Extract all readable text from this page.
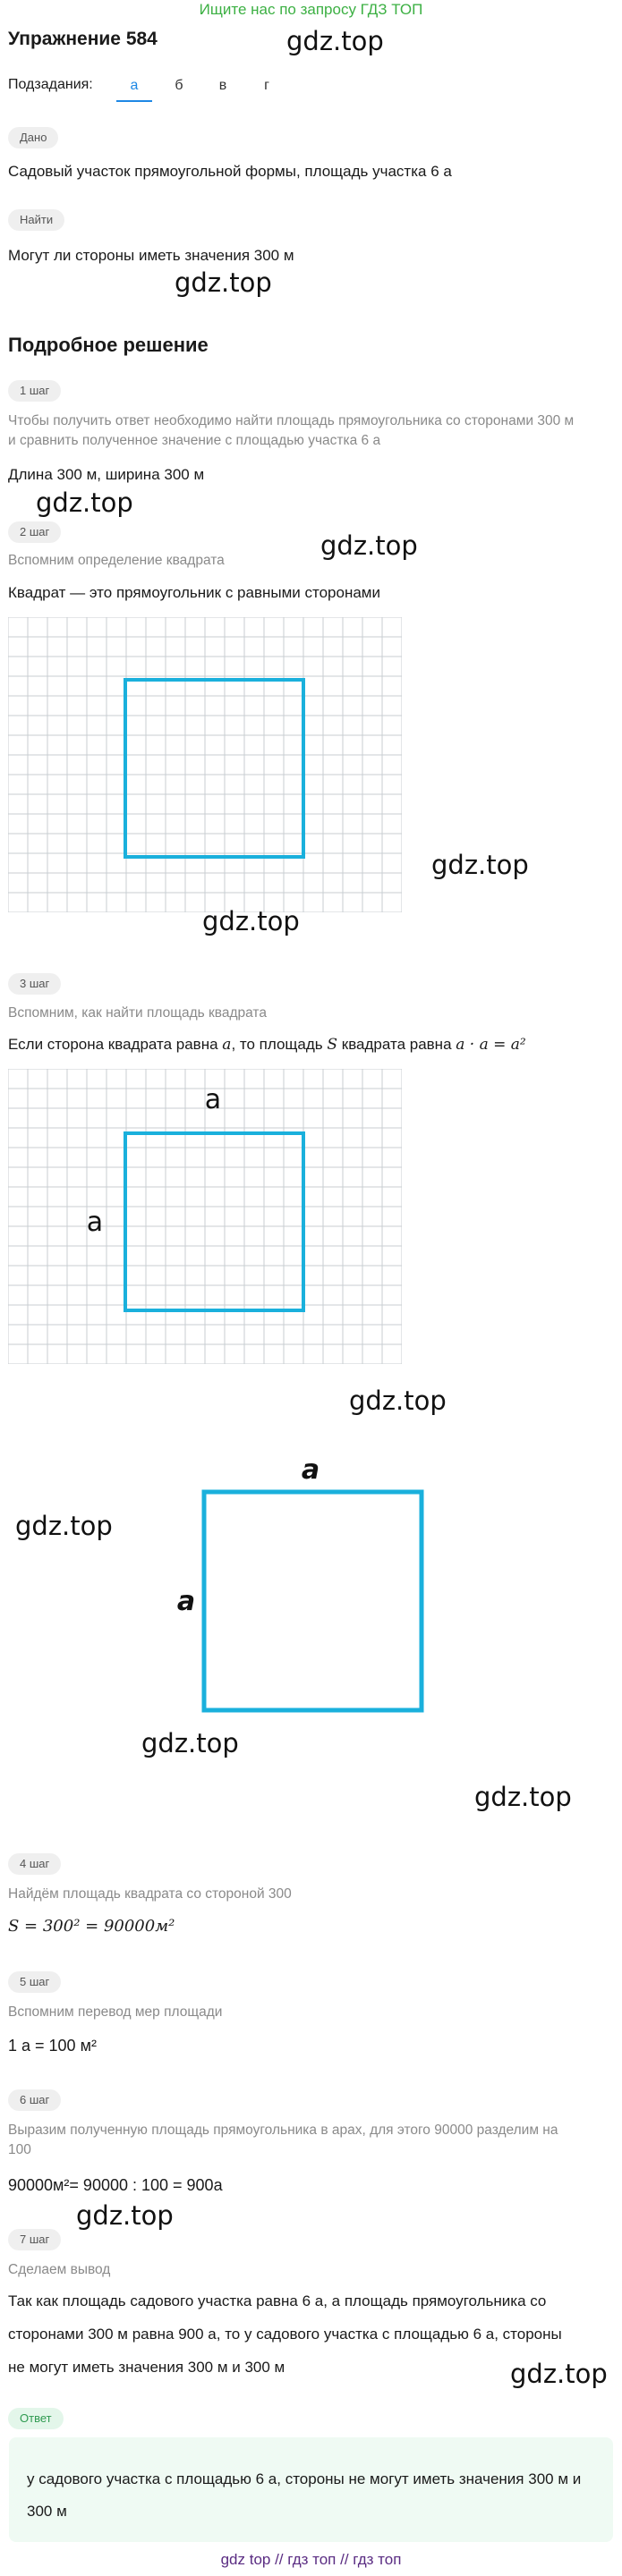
Ищите нас по запросу ГДЗ ТОП
Упражнение 584
Подзадания:	а	б	в	г
Дано
Садовый участок прямоугольной формы, площадь участка 6 а
Найти
Могут ли стороны иметь значения 300 м
Подробное решение
1 шаг
Чтобы получить ответ необходимо найти площадь прямоугольника со сторонами 300 м
и сравнить полученное значение с площадью участка 6 а
Длина 300 м, ширина 300 м
2 шаг
Вспомним определение квадрата
Квадрат — это прямоугольник с равными сторонами
3 шаг
Вспомним, как найти площадь квадрата
Если сторона квадрата равна a, то площадь S квадрата равна a · a = a²
a
a
a
a
4 шаг
Найдём площадь квадрата со стороной 300
S = 300² = 90000м²
5 шаг
Вспомним перевод мер площади
1 а = 100 м²
6 шаг
Выразим полученную площадь прямоугольника в арах, для этого 90000 разделим на
100
90000м²= 90000 : 100 = 900а
7 шаг
Сделаем вывод
Так как площадь садового участка равна 6 а, а площадь прямоугольника со
сторонами 300 м равна 900 а, то у садового участка с площадью 6 а, стороны
не могут иметь значения 300 м и 300 м
Ответ
у садового участка с площадью 6 а, стороны не могут иметь значения 300 м и 300 м
gdz top // гдз топ // гдз топ
gdz.top
gdz.top
gdz.top
gdz.top
gdz.top
gdz.top
gdz.top
gdz.top
gdz.top
gdz.top
gdz.top
gdz.top
